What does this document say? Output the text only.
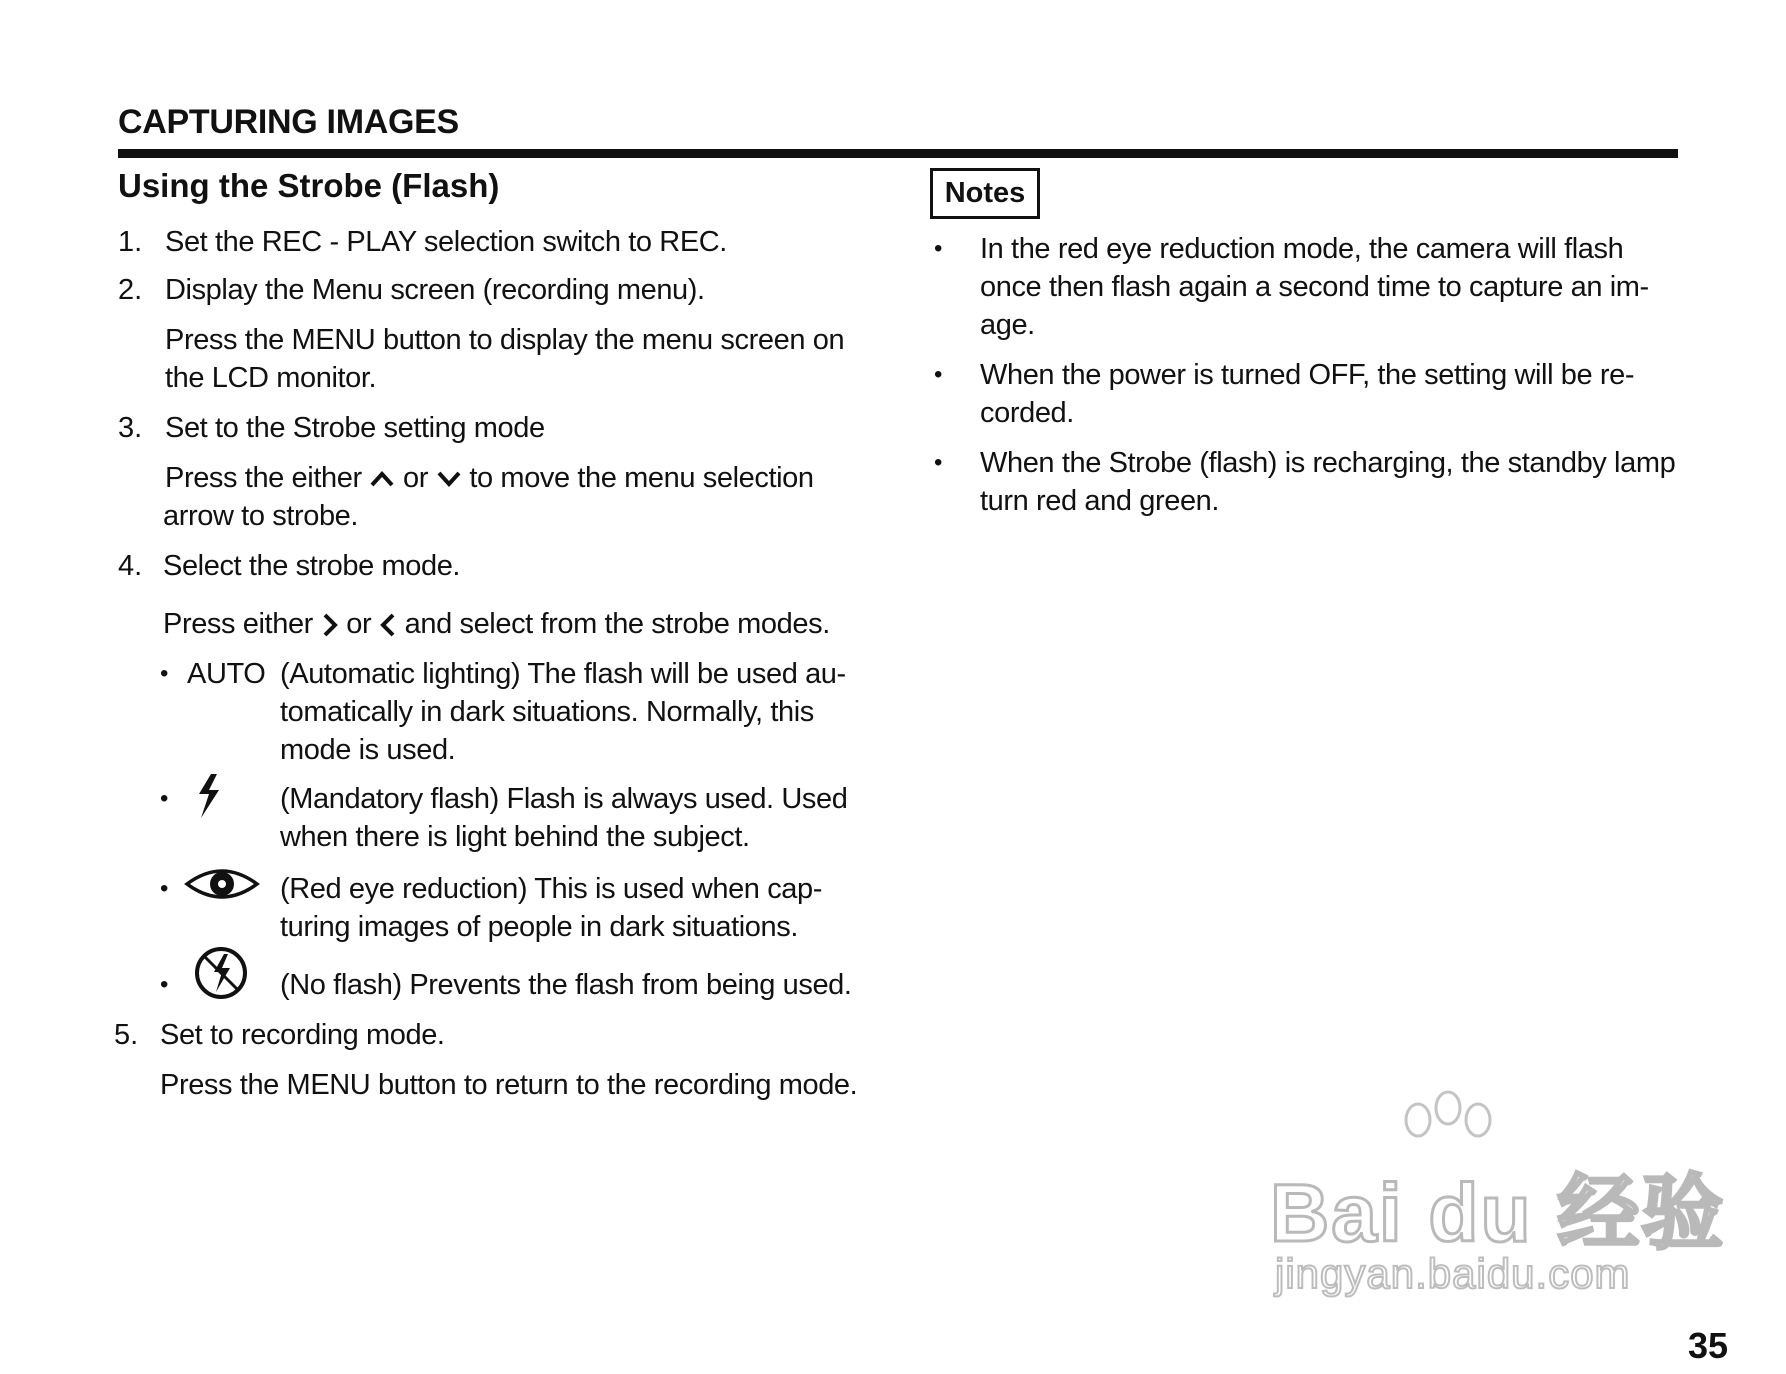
CAPTURING IMAGES
Using the Strobe (Flash)
1. Set the REC - PLAY selection switch to REC.
2. Display the Menu screen (recording menu).
Press the MENU button to display the menu screen on
the LCD monitor.
3. Set to the Strobe setting mode
Press the either or to move the menu selection
arrow to strobe.
4. Select the strobe mode.
Press either or and select from the strobe modes.
• AUTO (Automatic lighting) The flash will be used au-
tomatically in dark situations. Normally, this
mode is used.
•	(Mandatory flash) Flash is always used. Used
when there is light behind the subject.
•	(Red eye reduction) This is used when cap-
turing images of people in dark situations.
•	(No flash) Prevents the flash from being used.
5. Set to recording mode.
Press the MENU button to return to the recording mode.
Notes
• In the red eye reduction mode, the camera will flash
once then flash again a second time to capture an im-
age.
• When the power is turned OFF, the setting will be re-
corded.
• When the Strobe (flash) is recharging, the standby lamp
turn red and green.
Bai du 经验
jingyan.baidu.com
35
